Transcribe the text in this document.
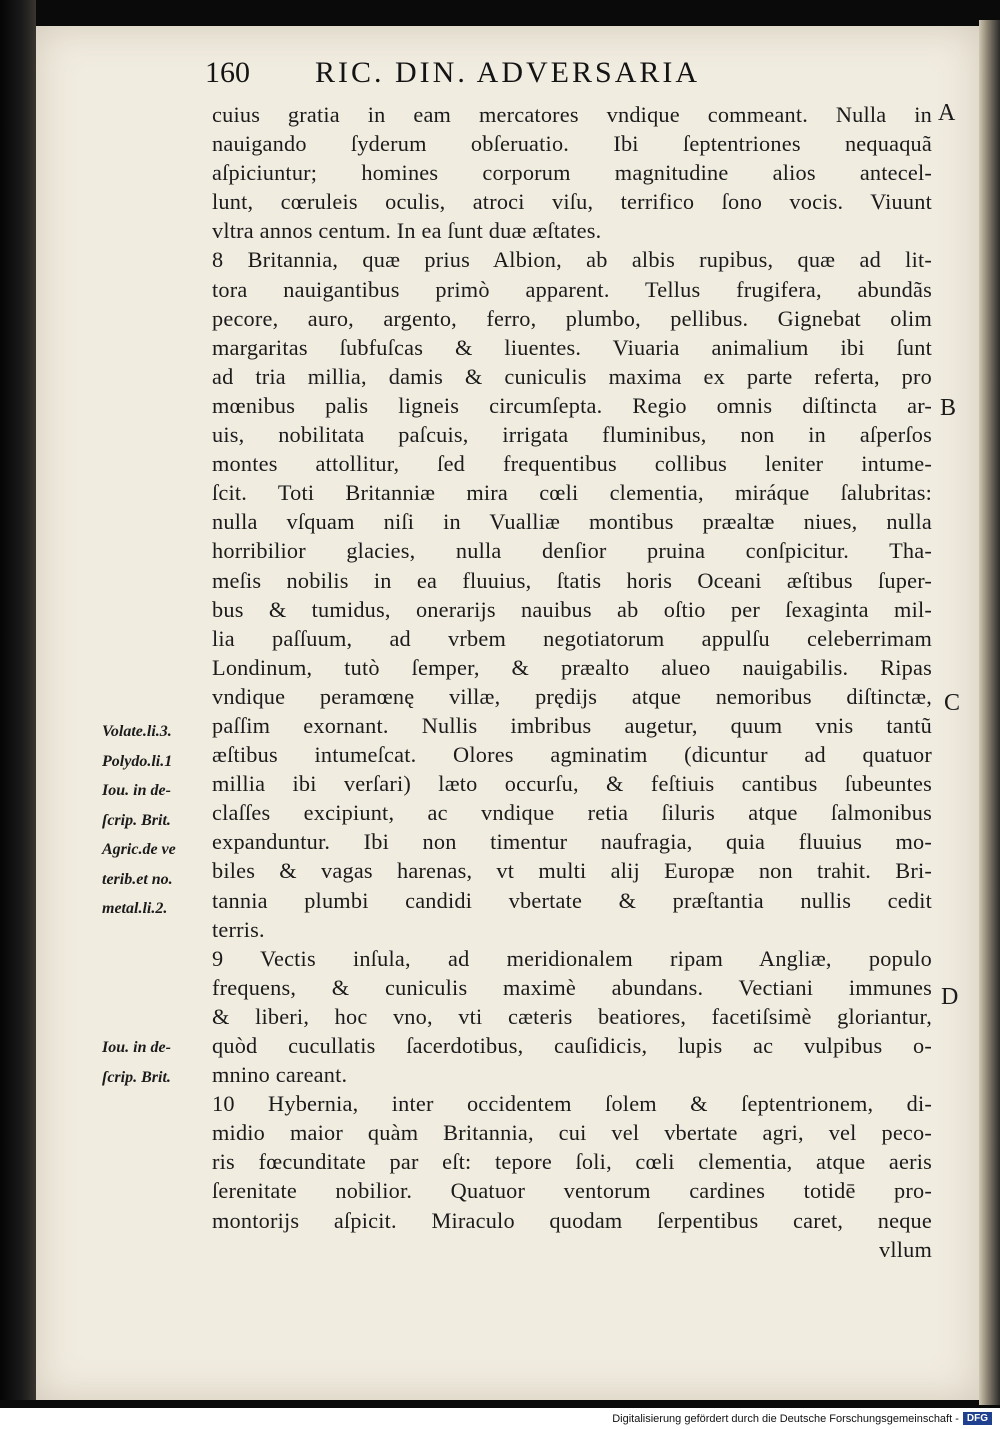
160	RIC. DIN. ADVERSARIA
cuius gratia in eam mercatores vndique commeant. Nulla in
nauigando ſyderum obſeruatio. Ibi ſeptentriones nequaquã
aſpiciuntur; homines corporum magnitudine alios antecel-
lunt, cœruleis oculis, atroci viſu, terrifico ſono vocis. Viuunt
vltra annos centum. In ea ſunt duæ æſtates.
8 Britannia, quæ prius Albion, ab albis rupibus, quæ ad lit-
tora nauigantibus primò apparent. Tellus frugifera, abundãs
pecore, auro, argento, ferro, plumbo, pellibus. Gignebat olim
margaritas ſubfuſcas & liuentes. Viuaria animalium ibi ſunt
ad tria millia, damis & cuniculis maxima ex parte referta, pro
mœnibus palis ligneis circumſepta. Regio omnis diſtincta ar-
uis, nobilitata paſcuis, irrigata fluminibus, non in aſperſos
montes attollitur, ſed frequentibus collibus leniter intume-
ſcit. Toti Britanniæ mira cœli clementia, miráque ſalubritas:
nulla vſquam niſi in Vualliæ montibus præaltæ niues, nulla
horribilior glacies, nulla denſior pruina conſpicitur. Tha-
meſis nobilis in ea fluuius, ſtatis horis Oceani æſtibus ſuper-
bus & tumidus, onerarijs nauibus ab oſtio per ſexaginta mil-
lia paſſuum, ad vrbem negotiatorum appulſu celeberrimam
Londinum, tutò ſemper, & præalto alueo nauigabilis. Ripas
vndique peramœnę villæ, prędijs atque nemoribus diſtinctæ,
paſſim exornant. Nullis imbribus augetur, quum vnis tantũ
æſtibus intumeſcat. Olores agminatim (dicuntur ad quatuor
millia ibi verſari) læto occurſu, & feſtiuis cantibus ſubeuntes
claſſes excipiunt, ac vndique retia ſiluris atque ſalmonibus
expanduntur. Ibi non timentur naufragia, quia fluuius mo-
biles & vagas harenas, vt multi alij Europæ non trahit. Bri-
tannia plumbi candidi vbertate & præſtantia nullis cedit
terris.
9 Vectis inſula, ad meridionalem ripam Angliæ, populo
frequens, & cuniculis maximè abundans. Vectiani immunes
& liberi, hoc vno, vti cæteris beatiores, facetiſsimè gloriantur,
quòd cucullatis ſacerdotibus, cauſidicis, lupis ac vulpibus o-
mnino careant.
10 Hybernia, inter occidentem ſolem & ſeptentrionem, di-
midio maior quàm Britannia, cui vel vbertate agri, vel peco-
ris fœcunditate par eſt: tepore ſoli, cœli clementia, atque aeris
ſerenitate nobilior. Quatuor ventorum cardines totidē pro-
montorijs aſpicit. Miraculo quodam ſerpentibus caret, neque
vllum
A
B
C
D
Volate.li.3.
Polydo.li.1
Iou. in de-
ſcrip. Brit.
Agric.de ve
terib.et no.
metal.li.2.
Iou. in de-
ſcrip. Brit.
Digitalisierung gefördert durch die Deutsche Forschungsgemeinschaft - DFG
